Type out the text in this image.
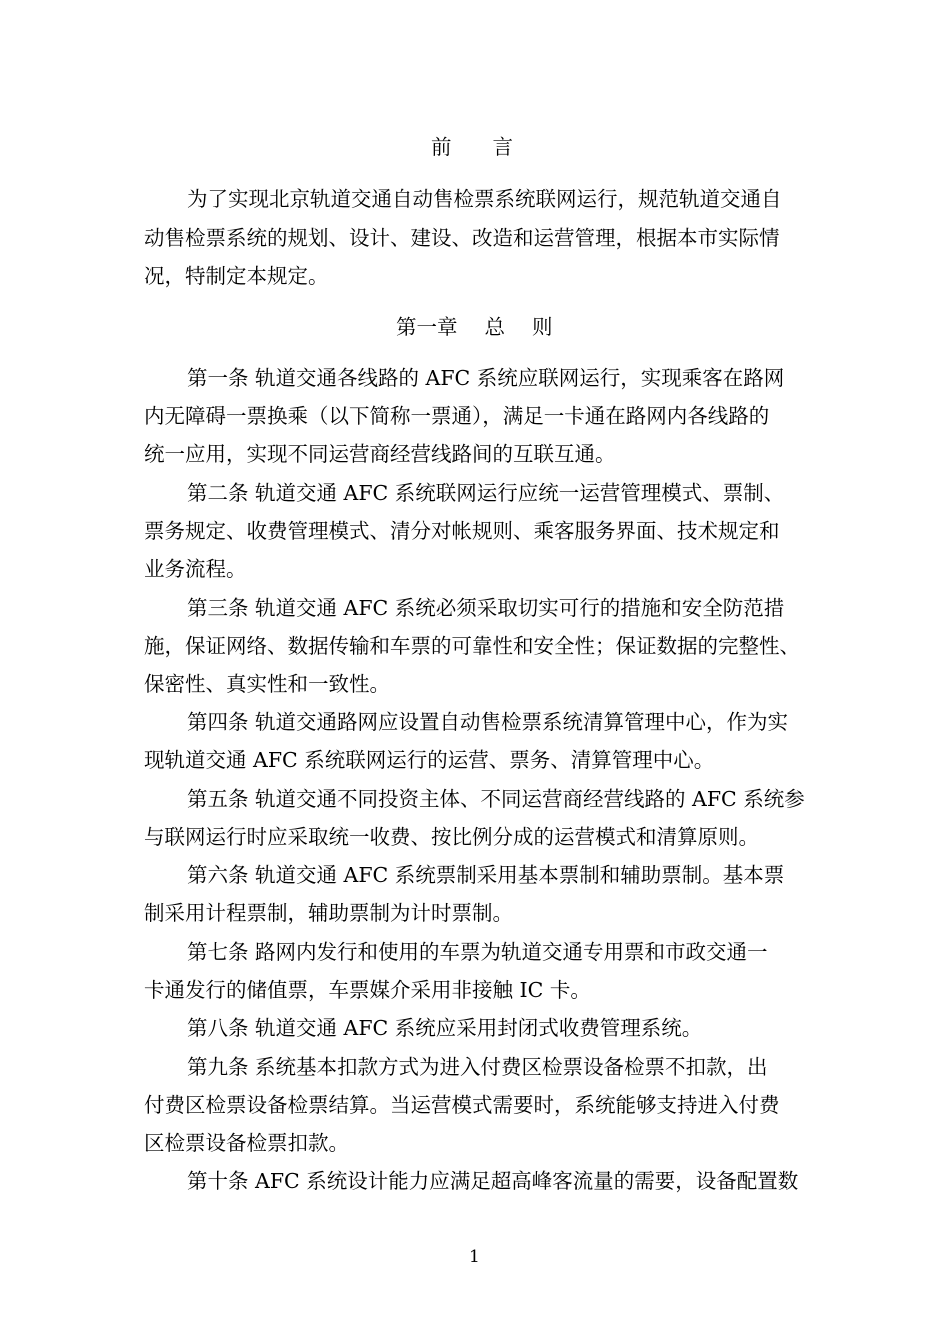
前　　言
为了实现北京轨道交通自动售检票系统联网运行，规范轨道交通自
动售检票系统的规划、设计、建设、改造和运营管理，根据本市实际情
况，特制定本规定。
第一章　 总　 则
第一条 轨道交通各线路的 AFC 系统应联网运行，实现乘客在路网
内无障碍一票换乘（以下简称一票通），满足一卡通在路网内各线路的
统一应用，实现不同运营商经营线路间的互联互通。
第二条 轨道交通 AFC 系统联网运行应统一运营管理模式、票制、
票务规定、收费管理模式、清分对帐规则、乘客服务界面、技术规定和
业务流程。
第三条 轨道交通 AFC 系统必须采取切实可行的措施和安全防范措
施，保证网络、数据传输和车票的可靠性和安全性；保证数据的完整性、
保密性、真实性和一致性。
第四条 轨道交通路网应设置自动售检票系统清算管理中心，作为实
现轨道交通 AFC 系统联网运行的运营、票务、清算管理中心。
第五条 轨道交通不同投资主体、不同运营商经营线路的 AFC 系统参
与联网运行时应采取统一收费、按比例分成的运营模式和清算原则。
第六条 轨道交通 AFC 系统票制采用基本票制和辅助票制。基本票
制采用计程票制，辅助票制为计时票制。
第七条 路网内发行和使用的车票为轨道交通专用票和市政交通一
卡通发行的储值票，车票媒介采用非接触 IC 卡。
第八条 轨道交通 AFC 系统应采用封闭式收费管理系统。
第九条 系统基本扣款方式为进入付费区检票设备检票不扣款，出
付费区检票设备检票结算。当运营模式需要时，系统能够支持进入付费
区检票设备检票扣款。
第十条 AFC 系统设计能力应满足超高峰客流量的需要，设备配置数
1
